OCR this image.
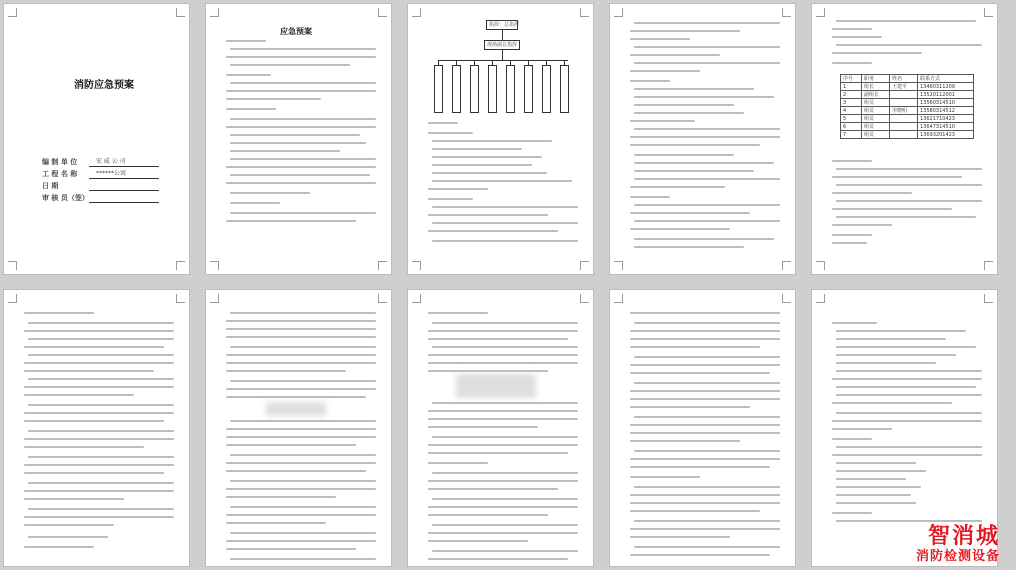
消防应急预案
编 制 单 位	宏 威 公 司
工 程 名 称	******公寓
日 期
审 核 员（签）
应急预案
指挥：总指挥
现场副总指挥
序号	职务	姓名	联系方式
1	组长	王建平	13460311209
2	副组长		13520112001
3	组员		13560314510
4	组员	李晓明	13580314512
5	组员		13621710423
6	组员		13647314510
7	组员		13693201423
智消城
消防检测设备
